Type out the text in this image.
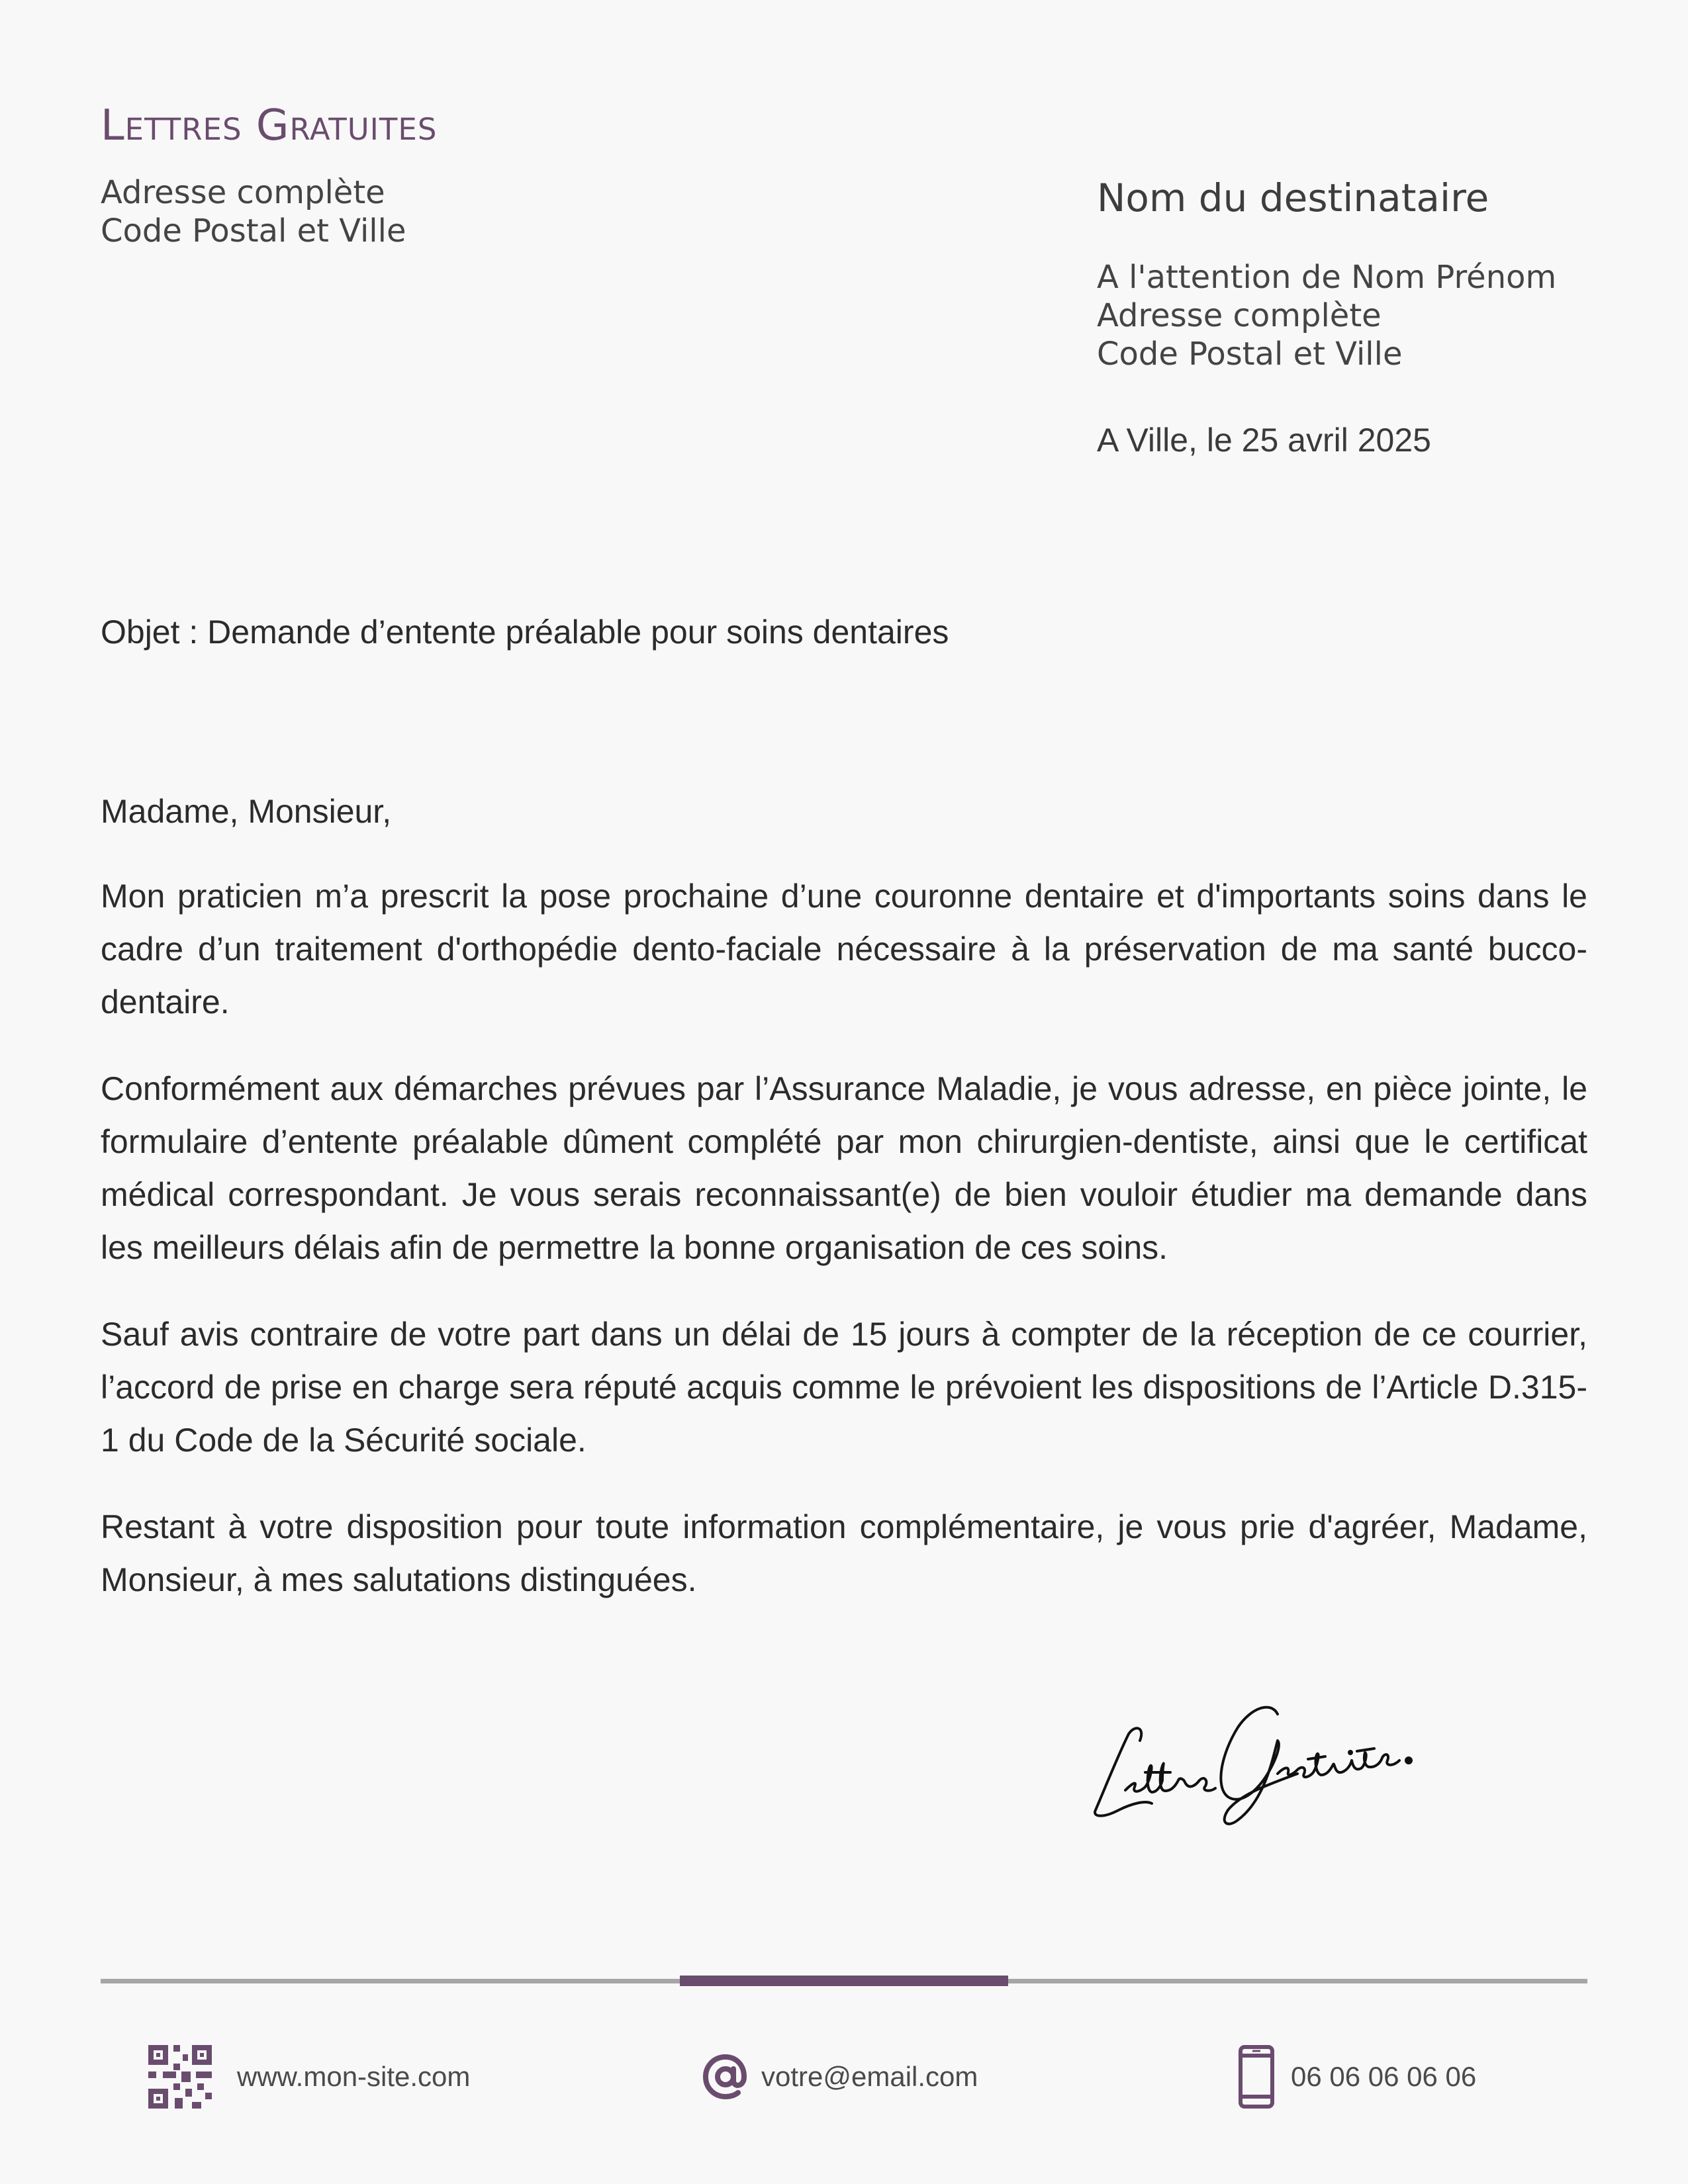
Lettres Gratuites
Adresse complète
Code Postal et Ville
Nom du destinataire
A l'attention de Nom Prénom
Adresse complète
Code Postal et Ville
A Ville, le 25 avril 2025
Objet : Demande d’entente préalable pour soins dentaires

Madame, Monsieur,

Mon praticien m’a prescrit la pose prochaine d’une couronne dentaire et d'importants soins dans le cadre d’un traitement d'orthopédie dento-faciale nécessaire à la préservation de ma santé bucco-dentaire.

Conformément aux démarches prévues par l’Assurance Maladie, je vous adresse, en pièce jointe, le formulaire d’entente préalable dûment complété par mon chirurgien-dentiste, ainsi que le certificat médical correspondant. Je vous serais reconnaissant(e) de bien vouloir étudier ma demande dans les meilleurs délais afin de permettre la bonne organisation de ces soins.

Sauf avis contraire de votre part dans un délai de 15 jours à compter de la réception de ce courrier, l’accord de prise en charge sera réputé acquis comme le prévoient les dispositions de l’Article D.315-1 du Code de la Sécurité sociale.

Restant à votre disposition pour toute information complémentaire, je vous prie d'agréer, Madame, Monsieur, à mes salutations distinguées.

www.mon-site.com	votre@email.com	06 06 06 06 06
